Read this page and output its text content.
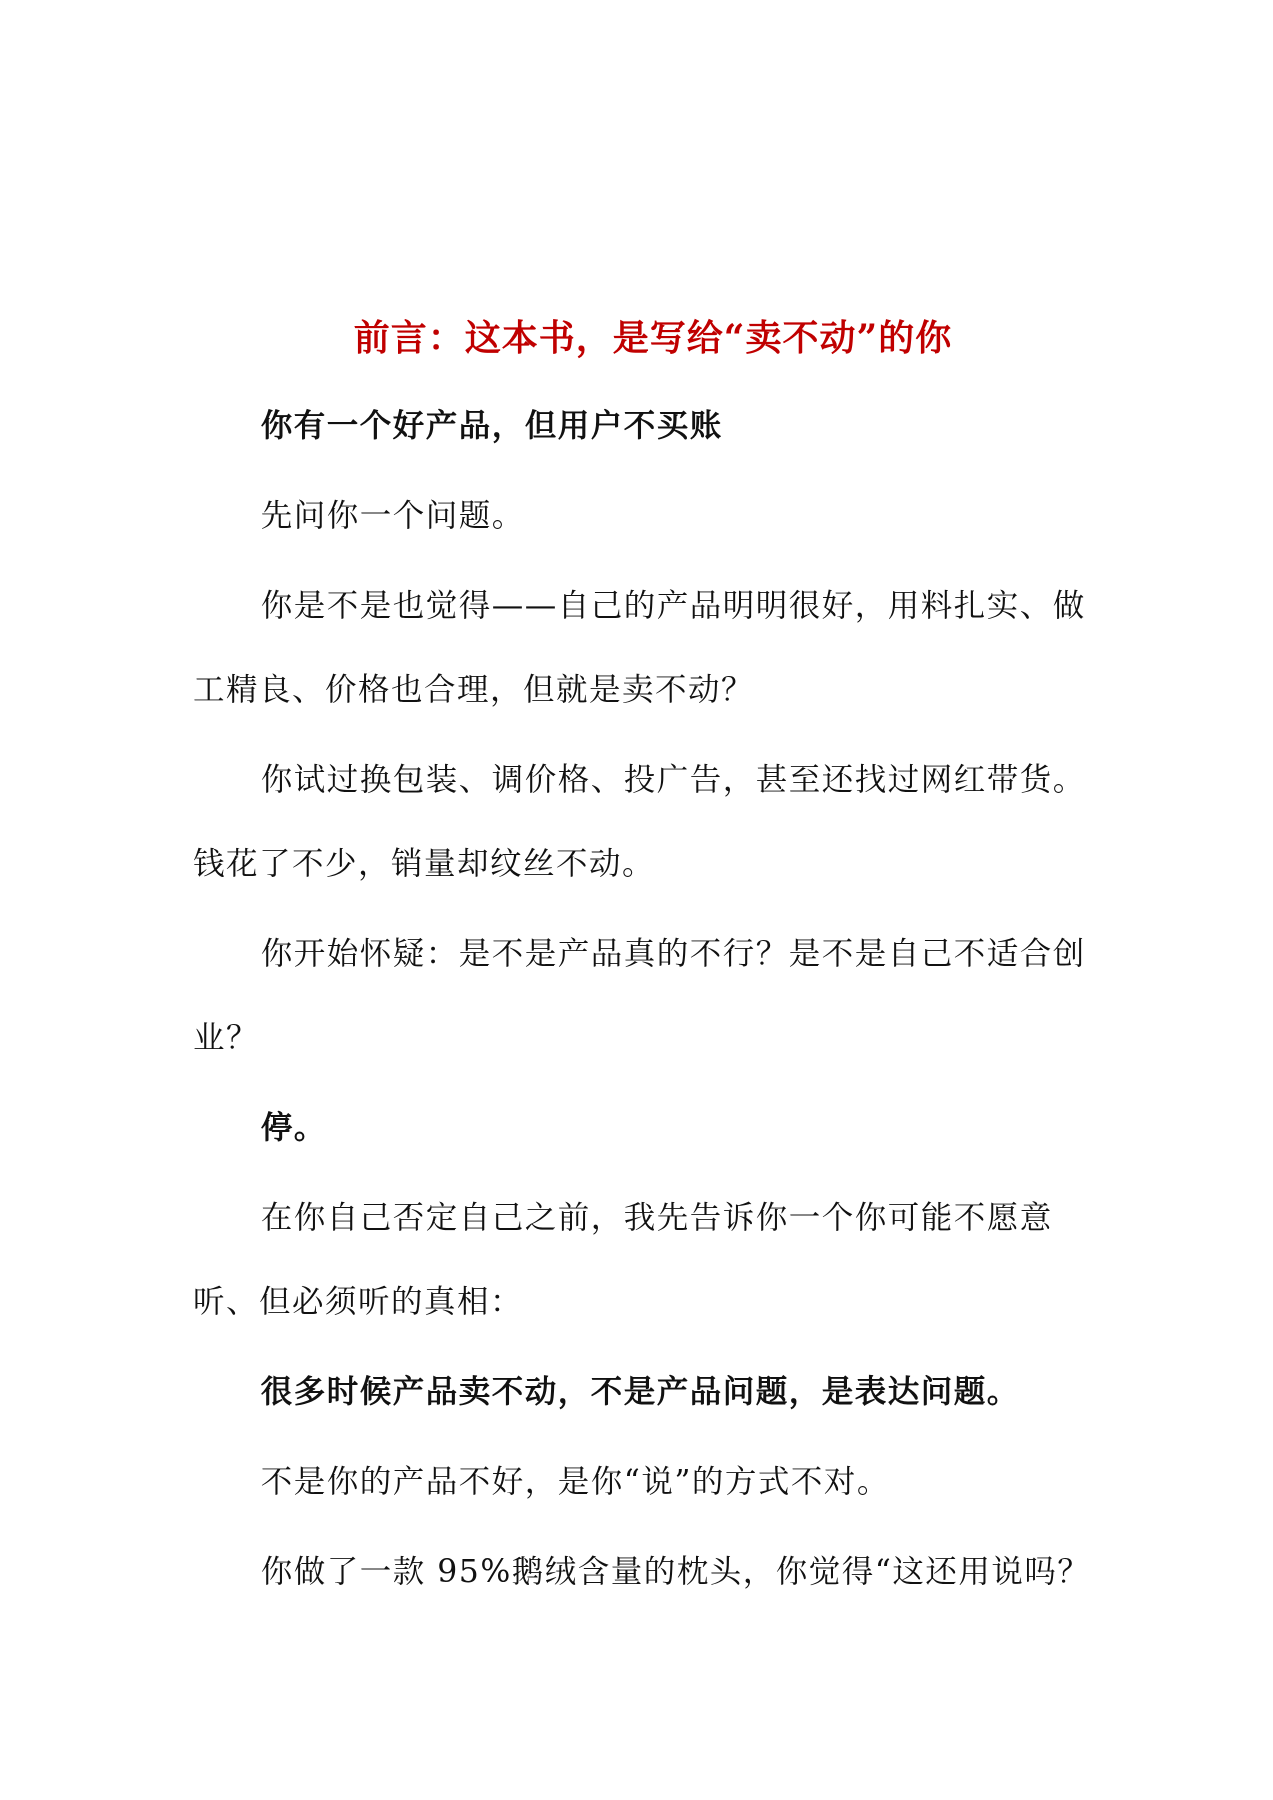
前言：这本书，是写给“卖不动”的你

你有一个好产品，但用户不买账

先问你一个问题。

你是不是也觉得——自己的产品明明很好，用料扎实、做工精良、价格也合理，但就是卖不动？

你试过换包装、调价格、投广告，甚至还找过网红带货。钱花了不少，销量却纹丝不动。

你开始怀疑：是不是产品真的不行？是不是自己不适合创业？

停。

在你自己否定自己之前，我先告诉你一个你可能不愿意听、但必须听的真相：

很多时候产品卖不动，不是产品问题，是表达问题。

不是你的产品不好，是你“说”的方式不对。

你做了一款 95%鹅绒含量的枕头，你觉得“这还用说吗？
